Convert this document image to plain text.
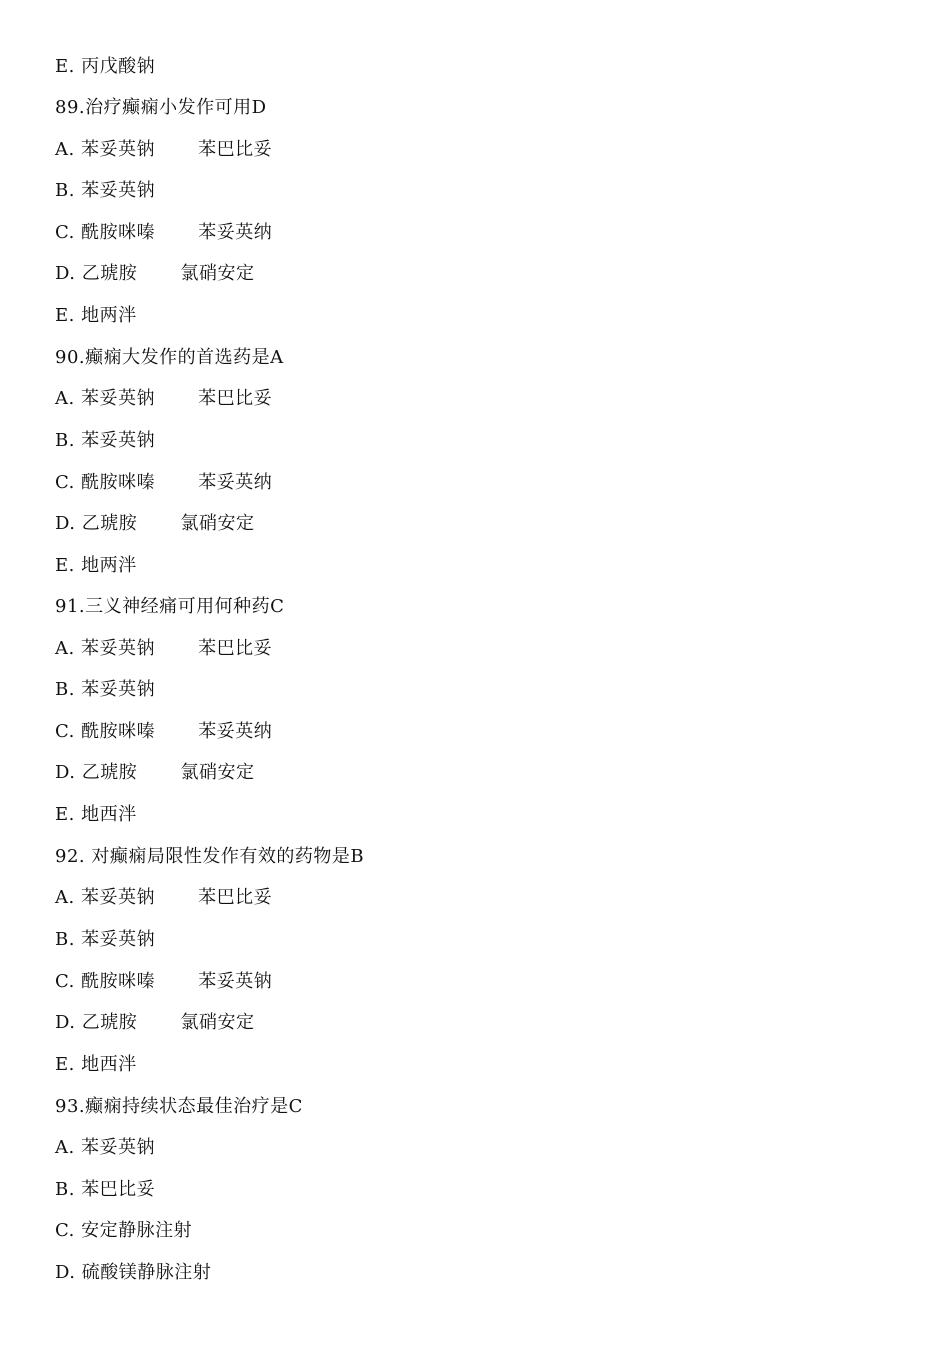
E. 丙戊酸钠
89.治疗癫痫小发作可用D
A. 苯妥英钠　　 苯巴比妥
B. 苯妥英钠
C. 酰胺咪嗪　　 苯妥英纳
D. 乙琥胺　　 氯硝安定
E. 地两泮
90.癫痫大发作的首选药是A
A. 苯妥英钠　　 苯巴比妥
B. 苯妥英钠
C. 酰胺咪嗪　　 苯妥英纳
D. 乙琥胺　　 氯硝安定
E. 地两泮
91.三义神经痛可用何种药C
A. 苯妥英钠　　 苯巴比妥
B. 苯妥英钠
C. 酰胺咪嗪　　 苯妥英纳
D. 乙琥胺　　 氯硝安定
E. 地西泮
92. 对癫痫局限性发作有效的药物是B
A. 苯妥英钠　　 苯巴比妥
B. 苯妥英钠
C. 酰胺咪嗪　　 苯妥英钠
D. 乙琥胺　　 氯硝安定
E. 地西泮
93.癫痫持续状态最佳治疗是C
A. 苯妥英钠
B. 苯巴比妥
C. 安定静脉注射
D. 硫酸镁静脉注射
